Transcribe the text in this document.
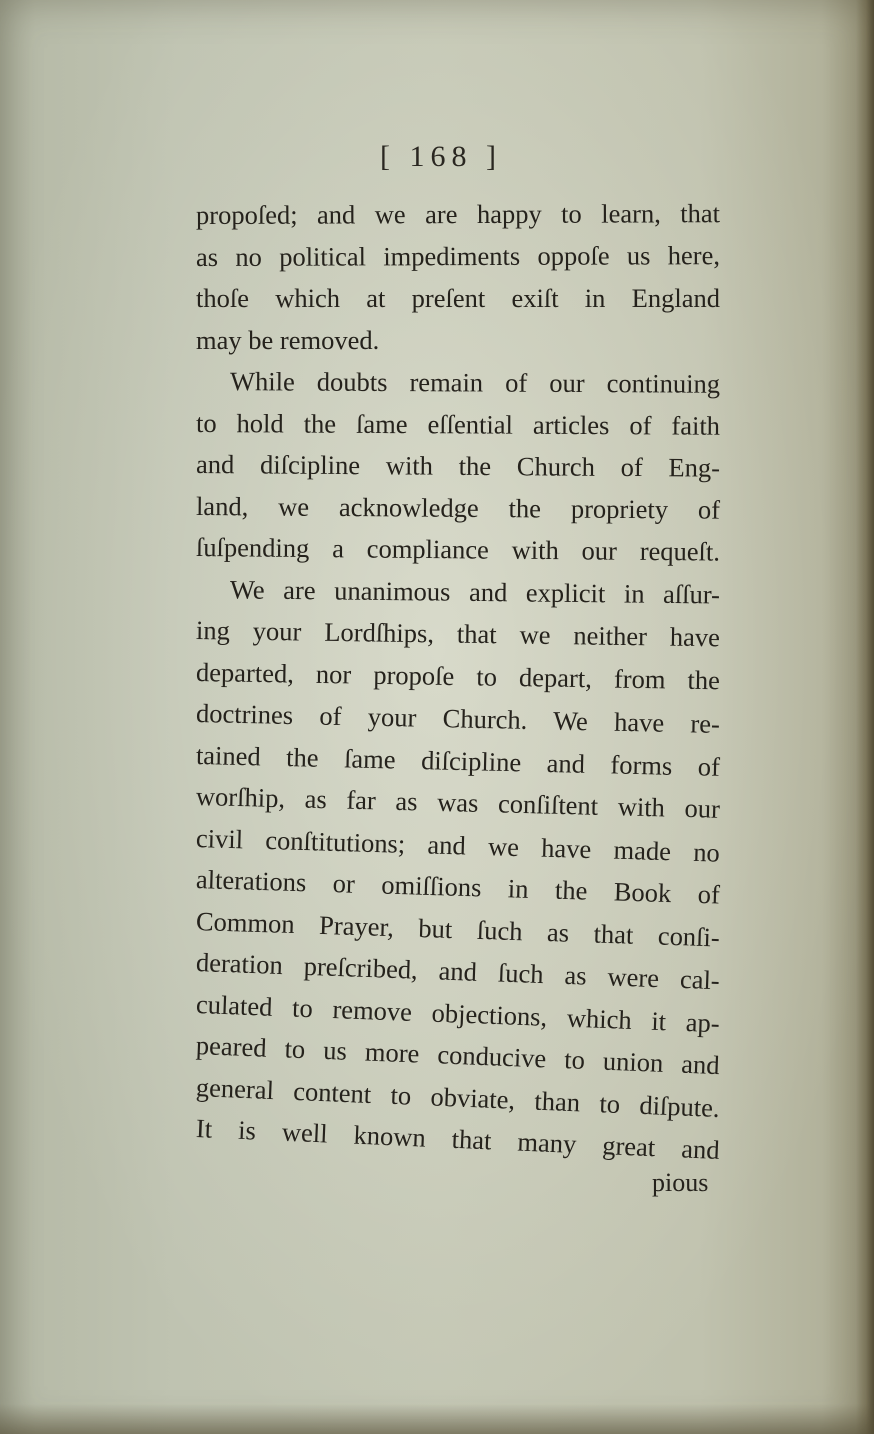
[ 168 ]
propoſed; and we are happy to learn, that
as no political impediments oppoſe us here,
thoſe which at preſent exiſt in England
may be removed.
While doubts remain of our continuing
to hold the ſame eſſential articles of faith
and diſcipline with the Church of Eng-
land, we acknowledge the propriety of
ſuſpending a compliance with our requeſt.
We are unanimous and explicit in aſſur-
ing your Lordſhips, that we neither have
departed, nor propoſe to depart, from the
doctrines of your Church. We have re-
tained the ſame diſcipline and forms of
worſhip, as far as was conſiſtent with our
civil conſtitutions; and we have made no
alterations or omiſſions in the Book of
Common Prayer, but ſuch as that conſi-
deration preſcribed, and ſuch as were cal-
culated to remove objections, which it ap-
peared to us more conducive to union and
general content to obviate, than to diſpute.
It is well known that many great and
pious
